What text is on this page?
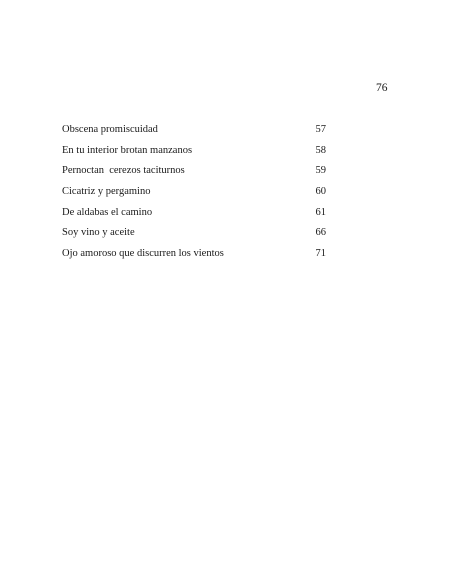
76
Obscena promiscuidad	57
En tu interior brotan manzanos	58
Pernoctan  cerezos taciturnos	59
Cicatriz y pergamino	60
De aldabas el camino	61
Soy vino y aceite	66
Ojo amoroso que discurren los vientos	71
